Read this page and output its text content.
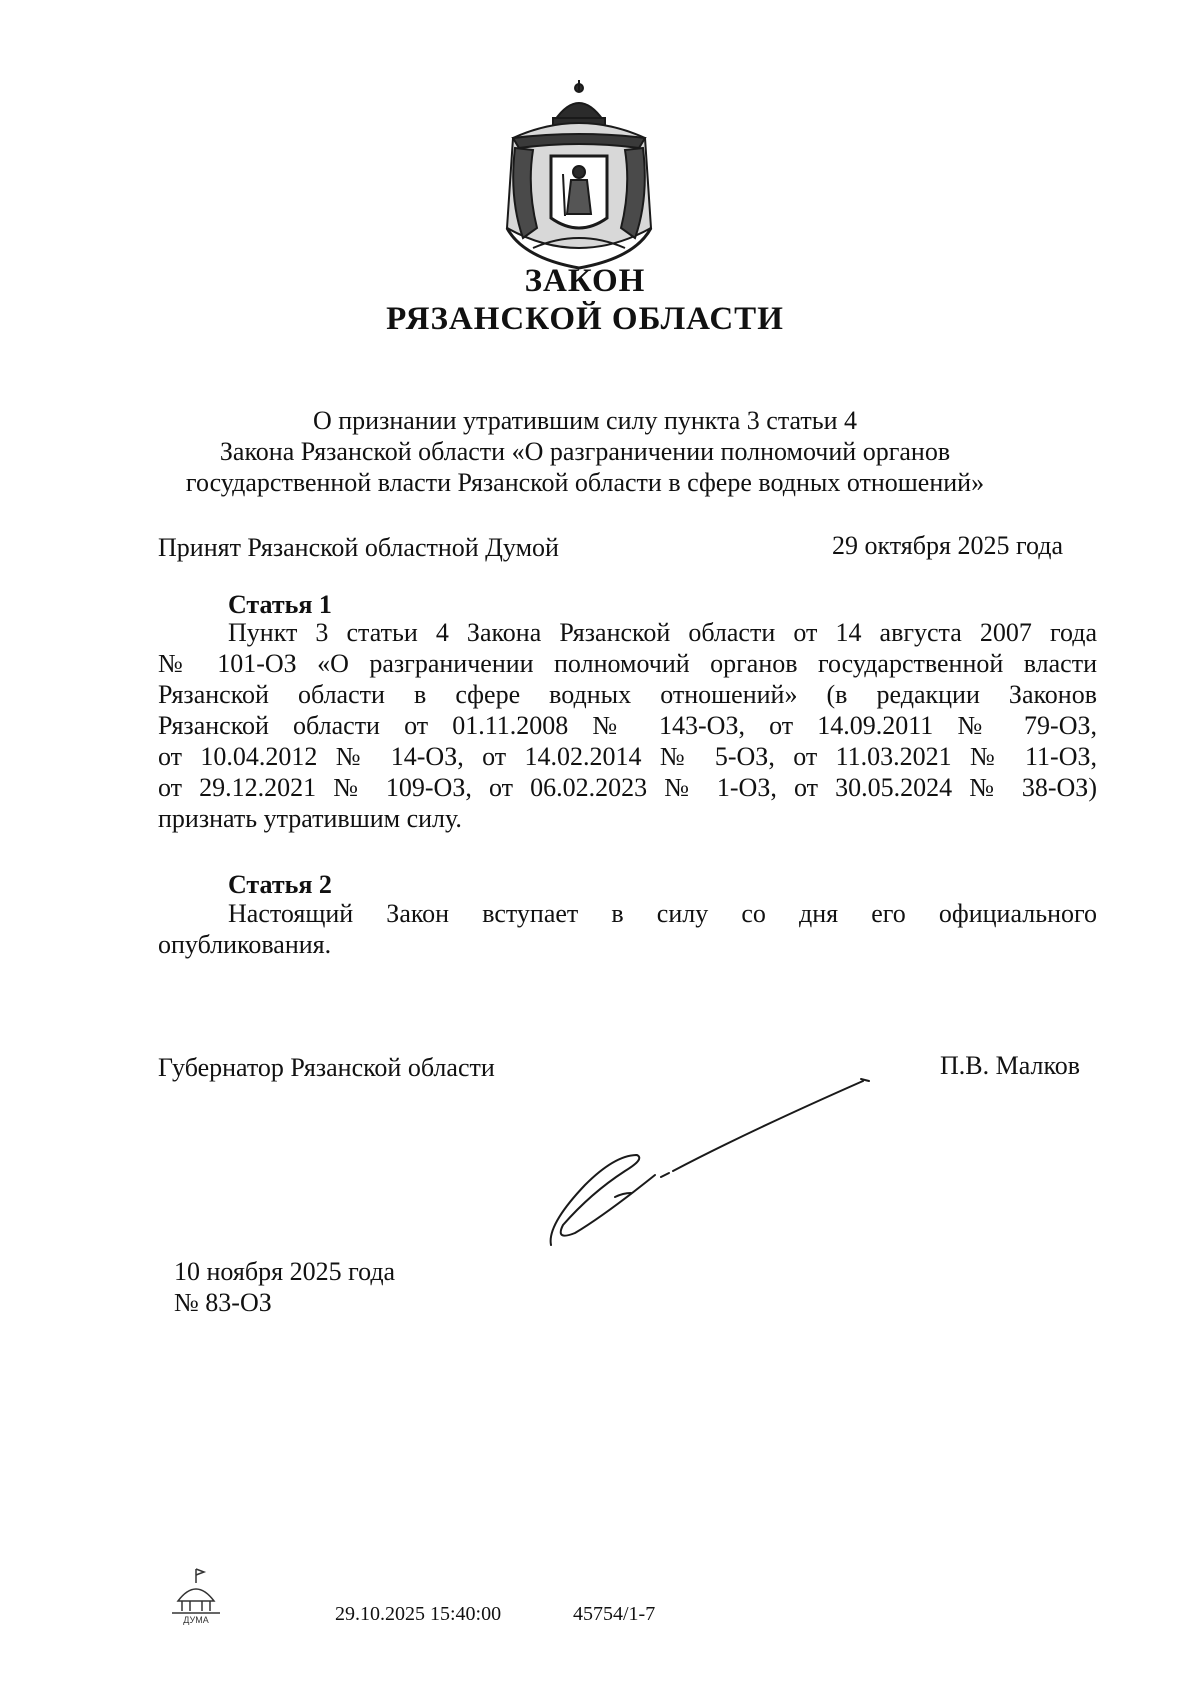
ЗАКОН
РЯЗАНСКОЙ ОБЛАСТИ
О признании утратившим силу пункта 3 статьи 4
Закона Рязанской области «О разграничении полномочий органов
государственной власти Рязанской области в сфере водных отношений»
Принят Рязанской областной Думой	29 октября 2025 года
Статья 1
Пункт 3 статьи 4 Закона Рязанской области от 14 августа 2007 года
№ 101-ОЗ «О разграничении полномочий органов государственной власти
Рязанской области в сфере водных отношений» (в редакции Законов
Рязанской области от 01.11.2008 № 143-ОЗ, от 14.09.2011 № 79-ОЗ,
от 10.04.2012 № 14-ОЗ, от 14.02.2014 № 5-ОЗ, от 11.03.2021 № 11-ОЗ,
от 29.12.2021 № 109-ОЗ, от 06.02.2023 № 1-ОЗ, от 30.05.2024 № 38-ОЗ)
признать утратившим силу.
Статья 2
Настоящий Закон вступает в силу со дня его официального
опубликования.
Губернатор Рязанской области	П.В. Малков
10 ноября 2025 года
№ 83-ОЗ
ДУМА	29.10.2025 15:40:00	45754/1-7
